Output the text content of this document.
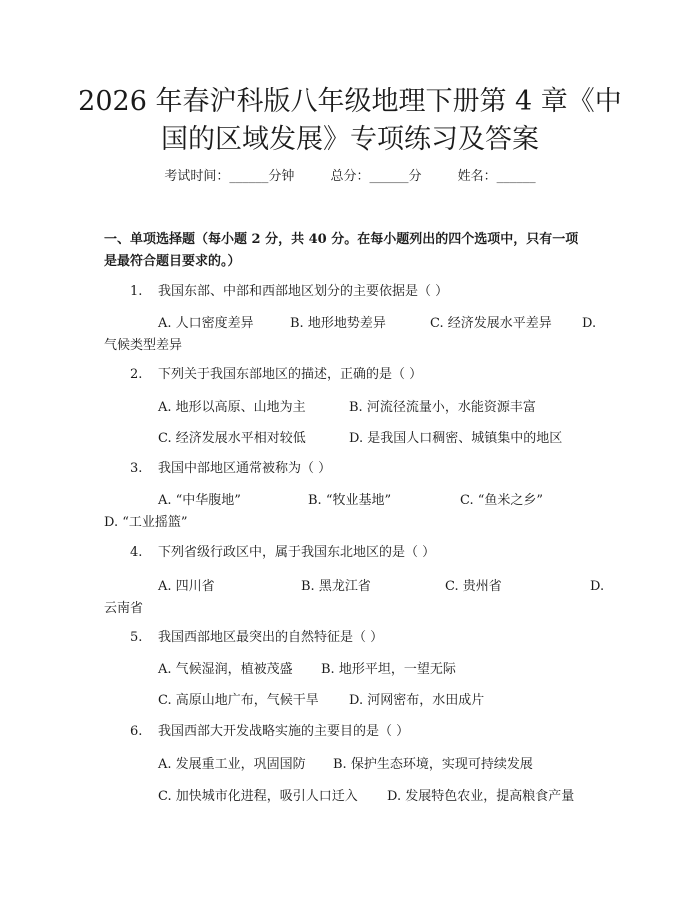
2026 年春沪科版八年级地理下册第 4 章《中
国的区域发展》专项练习及答案
考试时间：______分钟	总分：______分	姓名：______
一、单项选择题（每小题 2 分，共 40 分。在每小题列出的四个选项中，只有一项
是最符合题目要求的。）
1. 我国东部、中部和西部地区划分的主要依据是（ ）
A. 人口密度差异	B. 地形地势差异	C. 经济发展水平差异 D.
气候类型差异
2. 下列关于我国东部地区的描述，正确的是（ ）
A. 地形以高原、山地为主	B. 河流径流量小，水能资源丰富
C. 经济发展水平相对较低	D. 是我国人口稠密、城镇集中的地区
3. 我国中部地区通常被称为（ ）
A. “中华腹地”	B. “牧业基地”	C. “鱼米之乡”
D. “工业摇篮”
4. 下列省级行政区中，属于我国东北地区的是（ ）
A. 四川省	B. 黑龙江省	C. 贵州省	D.
云南省
5. 我国西部地区最突出的自然特征是（ ）
A. 气候湿润，植被茂盛 B. 地形平坦，一望无际
C. 高原山地广布，气候干旱 D. 河网密布，水田成片
6. 我国西部大开发战略实施的主要目的是（ ）
A. 发展重工业，巩固国防 B. 保护生态环境，实现可持续发展
C. 加快城市化进程，吸引人口迁入 D. 发展特色农业，提高粮食产量
